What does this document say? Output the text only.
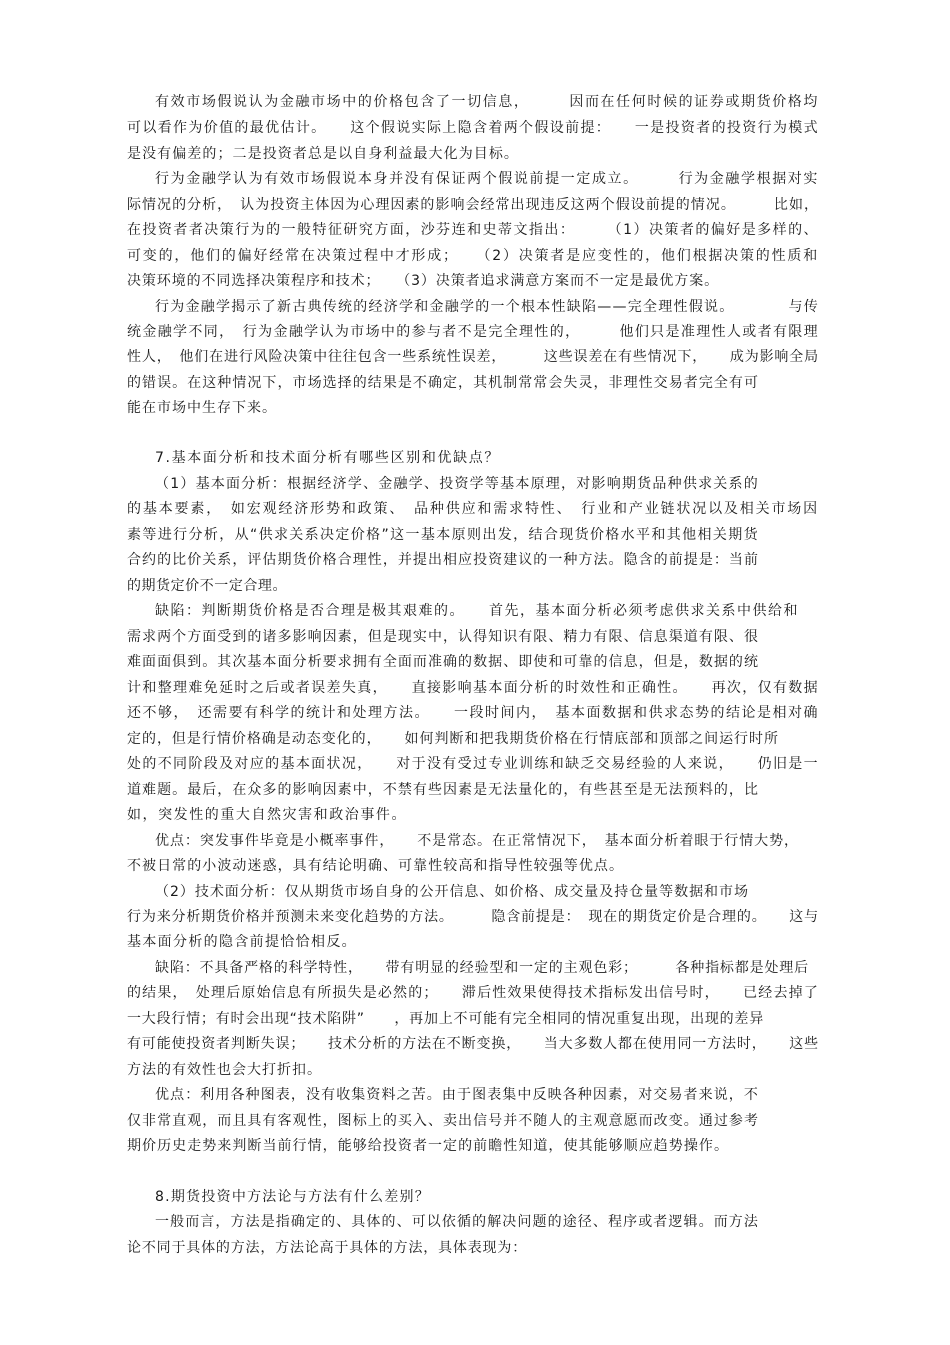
有效市场假说认为金融市场中的价格包含了一切信息，　　　因而在任何时候的证券或期货价格均

可以看作为价值的最优估计。　　这个假说实际上隐含着两个假设前提：　　一是投资者的投资行为模式

是没有偏差的；二是投资者总是以自身利益最大化为目标。

行为金融学认为有效市场假说本身并没有保证两个假说前提一定成立。　　　行为金融学根据对实

际情况的分析，　认为投资主体因为心理因素的影响会经常出现违反这两个假设前提的情况。　　　比如，

在投资者者决策行为的一般特征研究方面，沙芬连和史蒂文指出：　　　（1）决策者的偏好是多样的、

可变的，他们的偏好经常在决策过程中才形成；　　（2）决策者是应变性的，他们根据决策的性质和

决策环境的不同选择决策程序和技术；　　（3）决策者追求满意方案而不一定是最优方案。

行为金融学揭示了新古典传统的经济学和金融学的一个根本性缺陷——完全理性假说。　　　　与传

统金融学不同，　行为金融学认为市场中的参与者不是完全理性的，　　　他们只是准理性人或者有限理

性人，　他们在进行风险决策中往往包含一些系统性误差，　　　这些误差在有些情况下，　　成为影响全局

的错误。在这种情况下，市场选择的结果是不确定，其机制常常会失灵，非理性交易者完全有可

能在市场中生存下来。

7.基本面分析和技术面分析有哪些区别和优缺点？

（1）基本面分析：根据经济学、金融学、投资学等基本原理，对影响期货品种供求关系的

的基本要素，　如宏观经济形势和政策、　品种供应和需求特性、　行业和产业链状况以及相关市场因

素等进行分析，从“供求关系决定价格”这一基本原则出发，结合现货价格水平和其他相关期货

合约的比价关系，评估期货价格合理性，并提出相应投资建议的一种方法。隐含的前提是：当前

的期货定价不一定合理。

缺陷：判断期货价格是否合理是极其艰难的。　　首先，基本面分析必须考虑供求关系中供给和

需求两个方面受到的诸多影响因素，但是现实中，认得知识有限、精力有限、信息渠道有限、很

难面面俱到。其次基本面分析要求拥有全面而准确的数据、即使和可靠的信息，但是，数据的统

计和整理难免延时之后或者误差失真，　　直接影响基本面分析的时效性和正确性。　　再次，仅有数据

还不够，　还需要有科学的统计和处理方法。　　一段时间内，　基本面数据和供求态势的结论是相对确

定的，但是行情价格确是动态变化的，　　如何判断和把我期货价格在行情底部和顶部之间运行时所

处的不同阶段及对应的基本面状况，　　对于没有受过专业训练和缺乏交易经验的人来说，　　仍旧是一

道难题。最后，在众多的影响因素中，不禁有些因素是无法量化的，有些甚至是无法预料的，比

如，突发性的重大自然灾害和政治事件。

优点：突发事件毕竟是小概率事件，　　不是常态。在正常情况下，　基本面分析着眼于行情大势，

不被日常的小波动迷惑，具有结论明确、可靠性较高和指导性较强等优点。

（2）技术面分析：仅从期货市场自身的公开信息、如价格、成交量及持仓量等数据和市场

行为来分析期货价格并预测未来变化趋势的方法。　　　隐含前提是：　现在的期货定价是合理的。　　这与

基本面分析的隐含前提恰恰相反。

缺陷：不具备严格的科学特性，　　带有明显的经验型和一定的主观色彩；　　　各种指标都是处理后

的结果，　处理后原始信息有所损失是必然的；　　滞后性效果使得技术指标发出信号时，　　已经去掉了

一大段行情；有时会出现“技术陷阱”　　，再加上不可能有完全相同的情况重复出现，出现的差异

有可能使投资者判断失误；　　技术分析的方法在不断变换，　　当大多数人都在使用同一方法时，　　这些

方法的有效性也会大打折扣。

优点：利用各种图表，没有收集资料之苦。由于图表集中反映各种因素，对交易者来说，不

仅非常直观，而且具有客观性，图标上的买入、卖出信号并不随人的主观意愿而改变。通过参考

期价历史走势来判断当前行情，能够给投资者一定的前瞻性知道，使其能够顺应趋势操作。

8.期货投资中方法论与方法有什么差别？

一般而言，方法是指确定的、具体的、可以依循的解决问题的途径、程序或者逻辑。而方法

论不同于具体的方法，方法论高于具体的方法，具体表现为：
